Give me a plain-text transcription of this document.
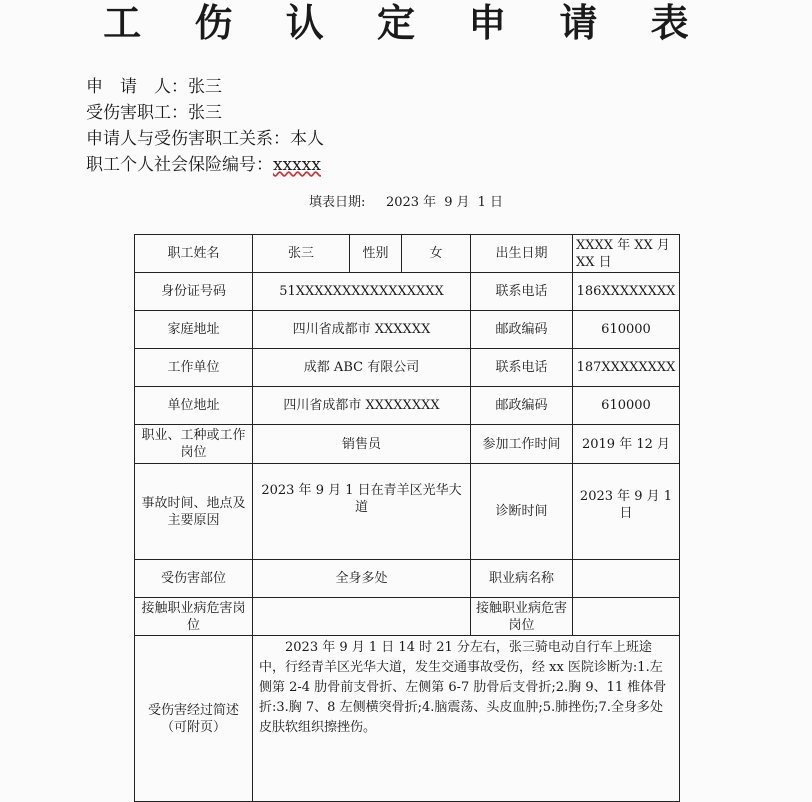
工 伤 认 定 申 请 表
申　请　人：张三
受伤害职工：张三
申请人与受伤害职工关系：本人
职工个人社会保险编号：xxxxx
填表日期: 2023 年 9 月 1 日
职工姓名	张三	性别	女	出生日期	XXXX 年 XX 月 XX 日
身份证号码	51XXXXXXXXXXXXXXXX			联系电话	186XXXXXXXX
家庭地址	四川省成都市 XXXXXX			邮政编码	610000
工作单位	成都 ABC 有限公司			联系电话	187XXXXXXXX
单位地址	四川省成都市 XXXXXXXX			邮政编码	610000
职业、工种或工作岗位	销售员			参加工作时间	2019 年 12 月
事故时间、地点及主要原因	2023 年 9 月 1 日在青羊区光华大道			诊断时间	2023 年 9 月 1 日
受伤害部位	全身多处			职业病名称	
接触职业病危害岗位				接触职业病危害岗位	
受伤害经过简述（可附页）	2023 年 9 月 1 日 14 时 21 分左右，张三骑电动自行车上班途中，行经青羊区光华大道，发生交通事故受伤，经 xx 医院诊断为:1.左侧第 2-4 肋骨前支骨折、左侧第 6-7 肋骨后支骨折;2.胸 9、11 椎体骨折:3.胸 7、8 左侧横突骨折;4.脑震荡、头皮血肿;5.肺挫伤;7.全身多处皮肤软组织擦挫伤。				
